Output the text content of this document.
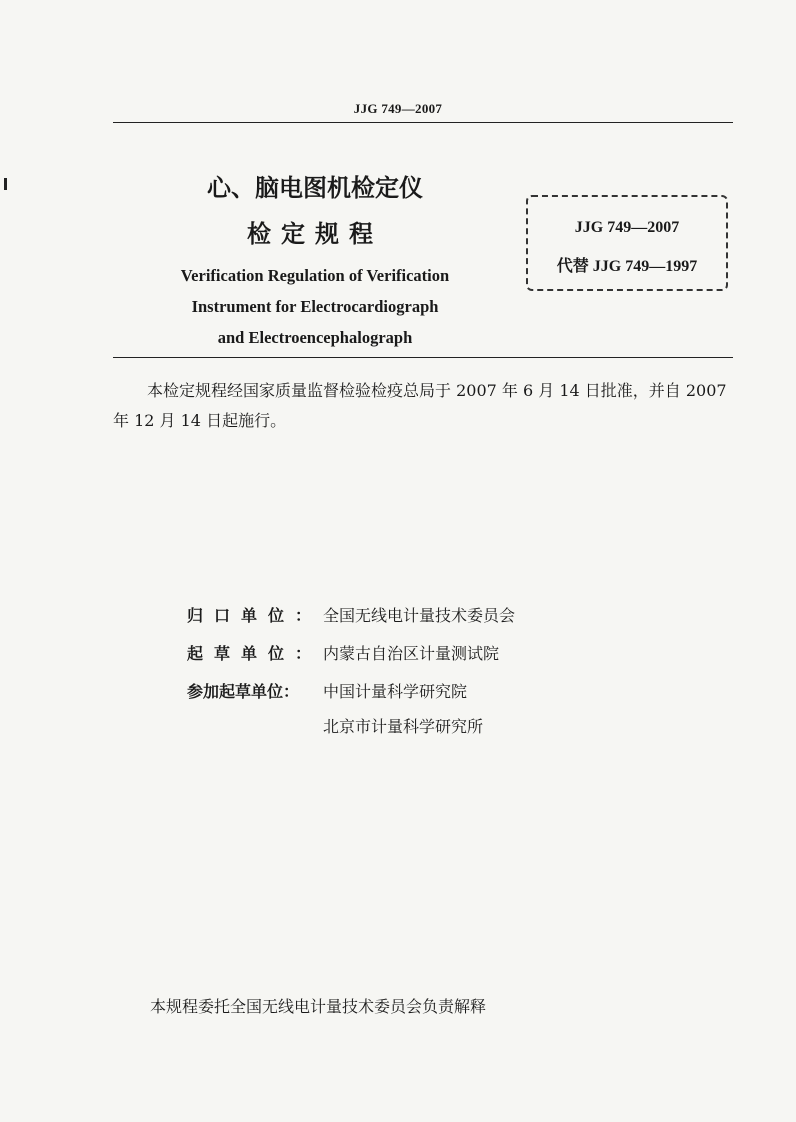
JJG 749—2007
心、脑电图机检定仪
检定规程
Verification Regulation of Verification
Instrument for Electrocardiograph
and Electroencephalograph
JJG 749—2007
代替 JJG 749—1997
本检定规程经国家质量监督检验检疫总局于 2007 年 6 月 14 日批准，并自 2007 年 12 月 14 日起施行。
归口单位：全国无线电计量技术委员会
起草单位：内蒙古自治区计量测试院
参加起草单位： 中国计量科学研究院
北京市计量科学研究所
本规程委托全国无线电计量技术委员会负责解释
